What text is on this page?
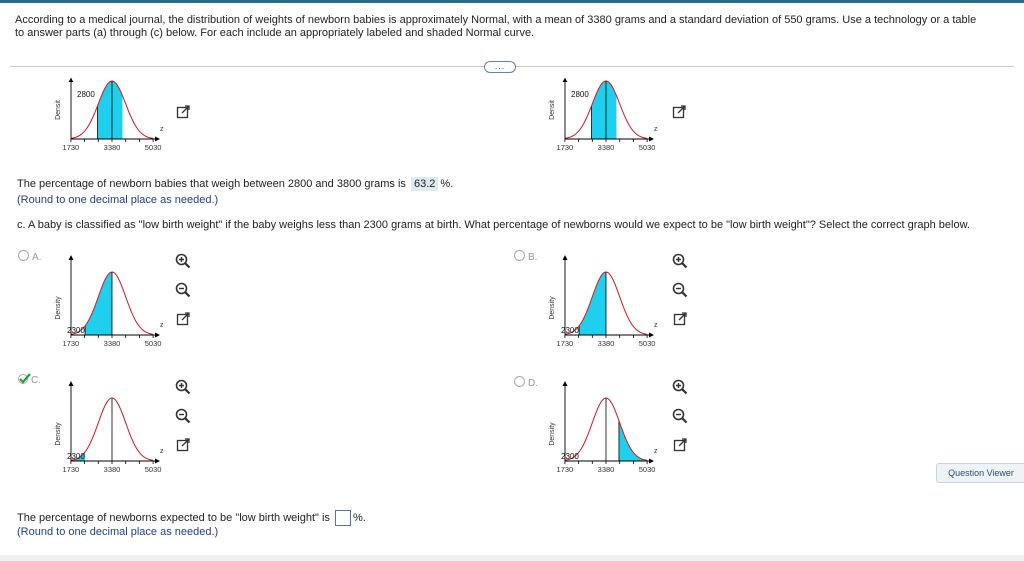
According to a medical journal, the distribution of weights of newborn babies is approximately Normal, with a mean of 3380 grams and a standard deviation of 550 grams. Use a technology or a table
to answer parts (a) through (c) below. For each include an appropriately labeled and shaded Normal curve.
...
Densit
1730	3380	5030
z
2800
Densit
1730	3380	5030
z
2800
The percentage of newborn babies that weigh between 2800 and 3800 grams is 63.2 %.
(Round to one decimal place as needed.)
c. A baby is classified as "low birth weight" if the baby weighs less than 2300 grams at birth. What percentage of newborns would we expect to be "low birth weight"? Select the correct graph below.
A.
Density
1730	3380	5030
z
2300
B.
Density
1730	3380	5030
z
2300
C.
Density
1730	3380	5030
z
2300
D.
Density
1730	3380	5030
z
2300
Question Viewer
The percentage of newborns expected to be "low birth weight" is %.
(Round to one decimal place as needed.)
